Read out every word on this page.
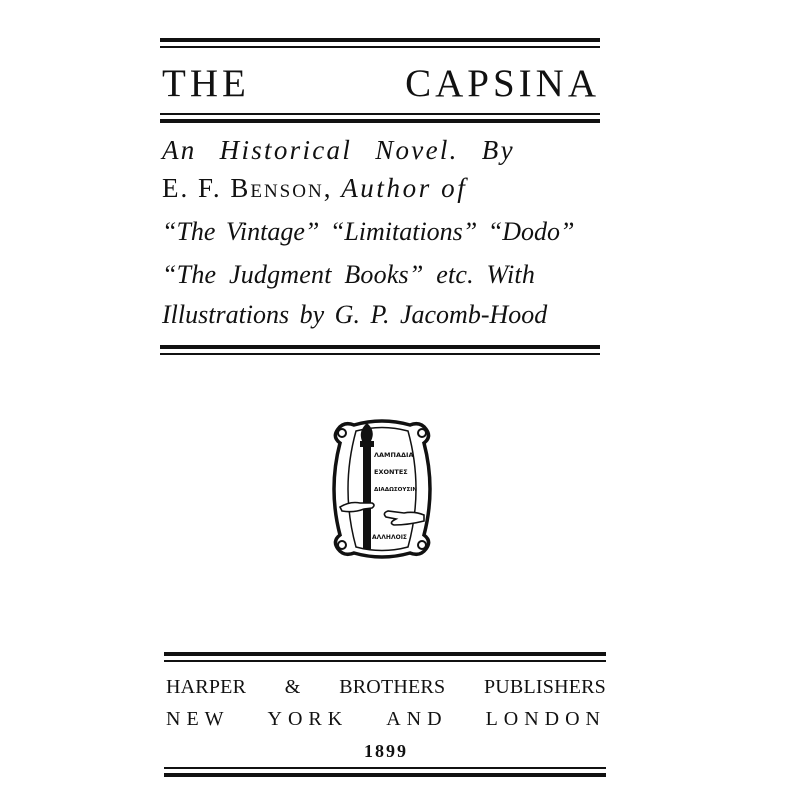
THE	CAPSINA
An Historical Novel. By
E. F. Benson, Author of
“The Vintage” “Limitations” “Dodo”
“The Judgment Books” etc. With
Illustrations by G. P. Jacomb-Hood
ΛΑΜΠΑΔΙΑ
ΕΧΟΝΤΕΣ
ΔΙΑΔΩΣΟΥΣΙΝ
ΑΛΛΗΛΟΙΣ
HARPER & BROTHERS PUBLISHERS
NEW YORK AND LONDON
1899
